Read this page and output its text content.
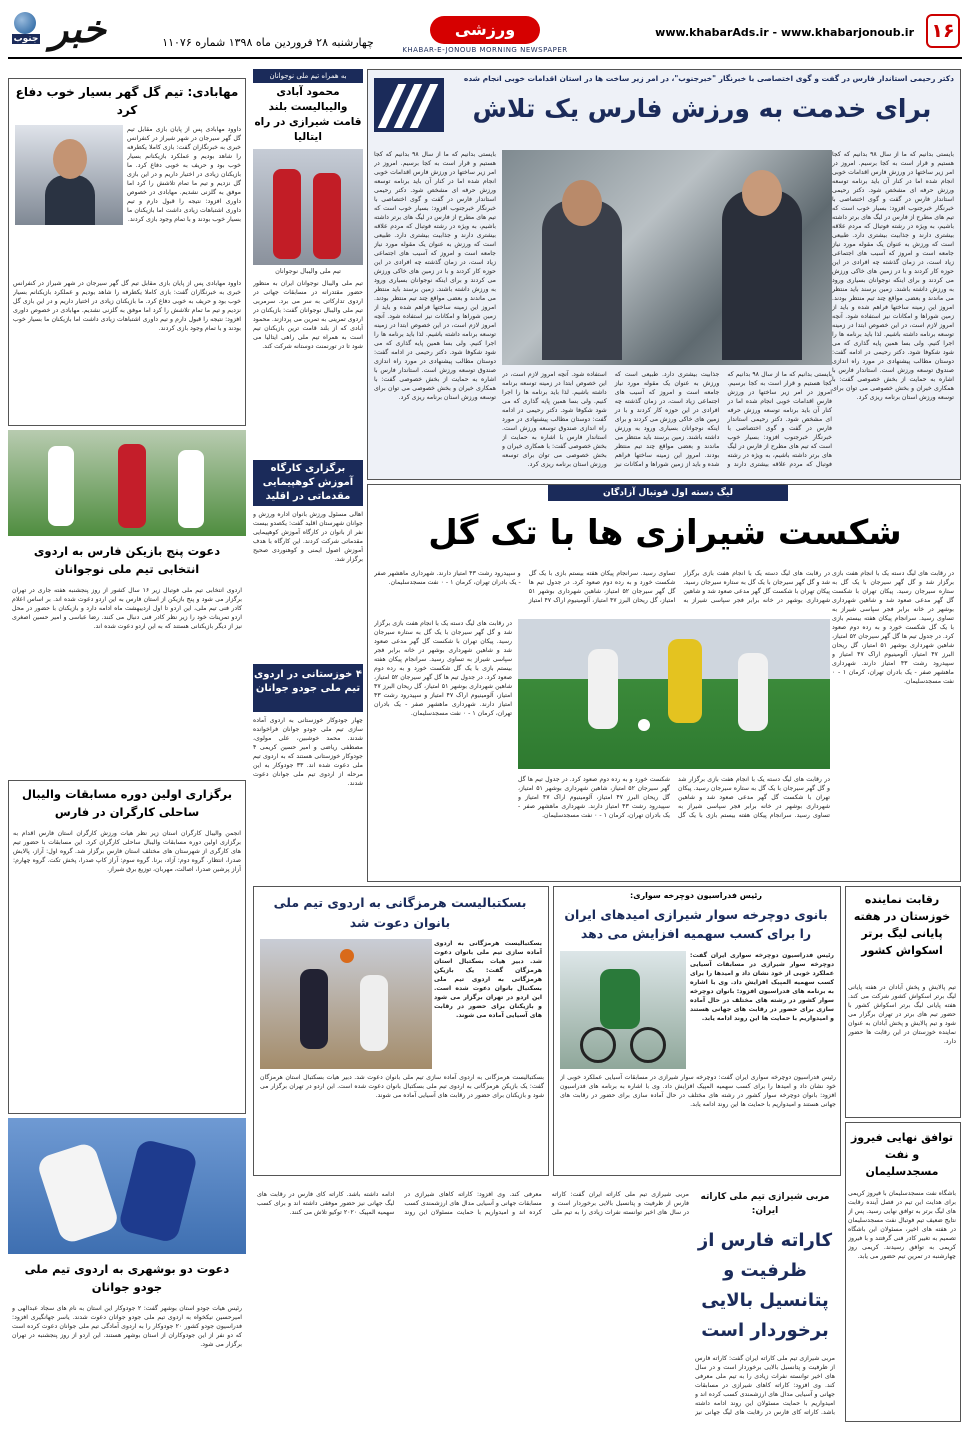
۱۶
www.khabarAds.ir - www.khabarjonoub.ir
ورزشی
KHABAR-E-JONOUB MORNING NEWSPAPER
چهارشنبه ۲۸ فروردین ماه ۱۳۹۸ شماره ۱۱۰۷۶
خبر
جنوب
دکتر رحیمی استاندار فارس در گفت و گوی اختصاصی با خبرنگار "خبرجنوب"، در امر زیر ساخت ها در استان اقدامات خوبی انجام شده
برای خدمت به ورزش فارس یک تلاش
بایستی بدانیم که ما از سال ۹۸ بدانیم که کجا هستیم و قرار است به کجا برسیم. امروز در امر زیر ساختها در ورزش فارس اقدامات خوبی انجام شده اما در کنار آن باید برنامه توسعه ورزش حرفه ای مشخص شود. دکتر رحیمی استاندار فارس در گفت و گوی اختصاصی با خبرنگار خبرجنوب افزود: بسیار خوب است که تیم های مطرح از فارس در لیگ های برتر داشته باشیم، به ویژه در رشته فوتبال که مردم علاقه بیشتری دارند و جذابیت بیشتری دارد. طبیعی است که ورزش به عنوان یک مقوله مورد نیاز جامعه است و امروز که آسیب های اجتماعی زیاد است، در زمان گذشته چه افرادی در این حوزه کار کردند و با در زمین های خاکی ورزش می کردند و برای اینکه نوجوانان بسیاری ورود به ورزش داشته باشند. زمین برسند باید منتظر می ماندند و بعضی مواقع چند تیم منتظر بودند. امروز این زمینه ساختها فراهم شده و باید از زمین شوراها و امکانات نیز استفاده شود. آنچه امروز لازم است، در این خصوص ابتدا در زمینه توسعه برنامه داشته باشیم. لذا باید برنامه ها را اجرا کنیم. ولی بسا همین پایه گذاری که می شود شکوفا شود. دکتر رحیمی در ادامه گفت: دوستان مطالب پیشنهادی در مورد راه اندازی صندوق توسعه ورزش است. استاندار فارس با اشاره به حمایت از بخش خصوصی گفت: با همکاری خیران و بخش خصوصی می توان برای توسعه ورزش استان برنامه ریزی کرد.
بایستی بدانیم که ما از سال ۹۸ بدانیم که کجا هستیم و قرار است به کجا برسیم. امروز در امر زیر ساختها در ورزش فارس اقدامات خوبی انجام شده اما در کنار آن باید برنامه توسعه ورزش حرفه ای مشخص شود. دکتر رحیمی استاندار فارس در گفت و گوی اختصاصی با خبرنگار خبرجنوب افزود: بسیار خوب است که تیم های مطرح از فارس در لیگ های برتر داشته باشیم، به ویژه در رشته فوتبال که مردم علاقه بیشتری دارند و جذابیت بیشتری دارد. طبیعی است که ورزش به عنوان یک مقوله مورد نیاز جامعه است و امروز که آسیب های اجتماعی زیاد است، در زمان گذشته چه افرادی در این حوزه کار کردند و با در زمین های خاکی ورزش می کردند و برای اینکه نوجوانان بسیاری ورود به ورزش داشته باشند. زمین برسند باید منتظر می ماندند و بعضی مواقع چند تیم منتظر بودند. امروز این زمینه ساختها فراهم شده و باید از زمین شوراها و امکانات نیز استفاده شود. آنچه امروز لازم است، در این خصوص ابتدا در زمینه توسعه برنامه داشته باشیم. لذا باید برنامه ها را اجرا کنیم. ولی بسا همین پایه گذاری که می شود شکوفا شود. دکتر رحیمی در ادامه گفت: دوستان مطالب پیشنهادی در مورد راه اندازی صندوق توسعه ورزش است. استاندار فارس با اشاره به حمایت از بخش خصوصی گفت: با همکاری خیران و بخش خصوصی می توان برای توسعه ورزش استان برنامه ریزی کرد.
بایستی بدانیم که ما از سال ۹۸ بدانیم که کجا هستیم و قرار است به کجا برسیم. امروز در امر زیر ساختها در ورزش فارس اقدامات خوبی انجام شده اما در کنار آن باید برنامه توسعه ورزش حرفه ای مشخص شود. دکتر رحیمی استاندار فارس در گفت و گوی اختصاصی با خبرنگار خبرجنوب افزود: بسیار خوب است که تیم های مطرح از فارس در لیگ های برتر داشته باشیم، به ویژه در رشته فوتبال که مردم علاقه بیشتری دارند و جذابیت بیشتری دارد. طبیعی است که ورزش به عنوان یک مقوله مورد نیاز جامعه است و امروز که آسیب های اجتماعی زیاد است، در زمان گذشته چه افرادی در این حوزه کار کردند و با در زمین های خاکی ورزش می کردند و برای اینکه نوجوانان بسیاری ورود به ورزش داشته باشند. زمین برسند باید منتظر می ماندند و بعضی مواقع چند تیم منتظر بودند. امروز این زمینه ساختها فراهم شده و باید از زمین شوراها و امکانات نیز استفاده شود. آنچه امروز لازم است، در این خصوص ابتدا در زمینه توسعه برنامه داشته باشیم. لذا باید برنامه ها را اجرا کنیم. ولی بسا همین پایه گذاری که می شود شکوفا شود. دکتر رحیمی در ادامه گفت: دوستان مطالب پیشنهادی در مورد راه اندازی صندوق توسعه ورزش است. استاندار فارس با اشاره به حمایت از بخش خصوصی گفت: با همکاری خیران و بخش خصوصی می توان برای توسعه ورزش استان برنامه ریزی کرد.
لیگ دسته اول فوتبال آزادگان
شکست شیرازی ها با تک گل
در رقابت های لیگ دسته یک با انجام هفت بازی برگزار شد و گل گهر سیرجان با یک گل به ستاره سیرجان رسید. پیکان تهران با شکست گل گهر مدعی صعود شد و شاهین شهرداری بوشهر در خانه برابر فجر سپاسی شیراز به تساوی رسید. سرانجام پیکان هفته بیستم بازی با یک گل شکست خورد و به رده دوم صعود کرد. در جدول تیم ها گل گهر سیرجان ۵۲ امتیاز، شاهین شهرداری بوشهر ۵۱ امتیاز، گل ریحان البرز ۴۷ امتیاز، آلومینیوم اراک ۴۷ امتیاز و سپیدرود رشت ۴۳ امتیاز دارند. شهرداری ماهشهر صفر - یک بادران تهران، کرمان ۱ - ۰ نفت مسجدسلیمان.
در رقابت های لیگ دسته یک با انجام هفت بازی برگزار شد و گل گهر سیرجان با یک گل به ستاره سیرجان رسید. پیکان تهران با شکست گل گهر مدعی صعود شد و شاهین شهرداری بوشهر در خانه برابر فجر سپاسی شیراز به تساوی رسید. سرانجام پیکان هفته بیستم بازی با یک گل شکست خورد و به رده دوم صعود کرد. در جدول تیم ها گل گهر سیرجان ۵۲ امتیاز، شاهین شهرداری بوشهر ۵۱ امتیاز، گل ریحان البرز ۴۷ امتیاز، آلومینیوم اراک ۴۷ امتیاز و سپیدرود رشت ۴۳ امتیاز دارند. شهرداری ماهشهر صفر - یک بادران تهران، کرمان ۱ - ۰ نفت مسجدسلیمان.
در رقابت های لیگ دسته یک با انجام هفت بازی برگزار شد و گل گهر سیرجان با یک گل به ستاره سیرجان رسید. پیکان تهران با شکست گل گهر مدعی صعود شد و شاهین شهرداری بوشهر در خانه برابر فجر سپاسی شیراز به تساوی رسید. سرانجام پیکان هفته بیستم بازی با یک گل شکست خورد و به رده دوم صعود کرد. در جدول تیم ها گل گهر سیرجان ۵۲ امتیاز، شاهین شهرداری بوشهر ۵۱ امتیاز، گل ریحان البرز ۴۷ امتیاز، آلومینیوم اراک ۴۷ امتیاز و سپیدرود رشت ۴۳ امتیاز دارند. شهرداری ماهشهر صفر - یک بادران تهران، کرمان ۱ - ۰ نفت مسجدسلیمان.
در رقابت های لیگ دسته یک با انجام هفت بازی برگزار شد و گل گهر سیرجان با یک گل به ستاره سیرجان رسید. پیکان تهران با شکست گل گهر مدعی صعود شد و شاهین شهرداری بوشهر در خانه برابر فجر سپاسی شیراز به تساوی رسید. سرانجام پیکان هفته بیستم بازی با یک گل شکست خورد و به رده دوم صعود کرد. در جدول تیم ها گل گهر سیرجان ۵۲ امتیاز، شاهین شهرداری بوشهر ۵۱ امتیاز، گل ریحان البرز ۴۷ امتیاز، آلومینیوم اراک ۴۷ امتیاز و سپیدرود رشت ۴۳ امتیاز دارند. شهرداری ماهشهر صفر - یک بادران تهران، کرمان ۱ - ۰ نفت مسجدسلیمان.
رئیس فدراسیون دوچرخه سواری:
بانوی دوچرخه سوار شیرازی امیدهای ایران را برای کسب سهمیه افزایش می دهد
رئیس فدراسیون دوچرخه سواری ایران گفت: دوچرخه سوار شیرازی در مسابقات آسیایی عملکرد خوبی از خود نشان داد و امیدها را برای کسب سهمیه المپیک افزایش داد. وی با اشاره به برنامه های فدراسیون افزود: بانوان دوچرخه سوار کشور در رشته های مختلف در حال آماده سازی برای حضور در رقابت های جهانی هستند و امیدواریم با حمایت ها این روند ادامه یابد.
رئیس فدراسیون دوچرخه سواری ایران گفت: دوچرخه سوار شیرازی در مسابقات آسیایی عملکرد خوبی از خود نشان داد و امیدها را برای کسب سهمیه المپیک افزایش داد. وی با اشاره به برنامه های فدراسیون افزود: بانوان دوچرخه سوار کشور در رشته های مختلف در حال آماده سازی برای حضور در رقابت های جهانی هستند و امیدواریم با حمایت ها این روند ادامه یابد.
بسکتبالیست هرمزگانی به اردوی تیم ملی بانوان دعوت شد
بسکتبالیست هرمزگانی به اردوی آماده سازی تیم ملی بانوان دعوت شد. دبیر هیات بسکتبال استان هرمزگان گفت: یک بازیکن هرمزگانی به اردوی تیم ملی بسکتبال بانوان دعوت شده است. این اردو در تهران برگزار می شود و بازیکنان برای حضور در رقابت های آسیایی آماده می شوند.
بسکتبالیست هرمزگانی به اردوی آماده سازی تیم ملی بانوان دعوت شد. دبیر هیات بسکتبال استان هرمزگان گفت: یک بازیکن هرمزگانی به اردوی تیم ملی بسکتبال بانوان دعوت شده است. این اردو در تهران برگزار می شود و بازیکنان برای حضور در رقابت های آسیایی آماده می شوند.
مربی شیرازی تیم ملی کاراته ایران:
کاراته فارس از ظرفیت و پتانسیل بالایی برخوردار است
مربی شیرازی تیم ملی کاراته ایران گفت: کاراته فارس از ظرفیت و پتانسیل بالایی برخوردار است و در سال های اخیر توانسته نفرات زیادی را به تیم ملی معرفی کند. وی افزود: کاراته کاهای شیرازی در مسابقات جهانی و آسیایی مدال های ارزشمندی کسب کرده اند و امیدواریم با حمایت مسئولان این روند ادامه داشته باشد. کاراته کای فارس در رقابت های لیگ جهانی نیز
مربی شیرازی تیم ملی کاراته ایران گفت: کاراته فارس از ظرفیت و پتانسیل بالایی برخوردار است و در سال های اخیر توانسته نفرات زیادی را به تیم ملی معرفی کند. وی افزود: کاراته کاهای شیرازی در مسابقات جهانی و آسیایی مدال های ارزشمندی کسب کرده اند و امیدواریم با حمایت مسئولان این روند ادامه داشته باشد. کاراته کای فارس در رقابت های لیگ جهانی نیز حضور موفقی داشته اند و برای کسب سهمیه المپیک ۲۰۲۰ توکیو تلاش می کنند.
رقابت نماینده خوزستان در هفته پایانی لیگ برتر اسکواش کشور
تیم پالایش و پخش آبادان در هفته پایانی لیگ برتر اسکواش کشور شرکت می کند. هفته پایانی لیگ برتر اسکواش کشور با حضور تیم های برتر در تهران برگزار می شود و تیم پالایش و پخش آبادان به عنوان نماینده خوزستان در این رقابت ها حضور دارد.
توافق نهایی فیروز و نفت مسجدسلیمان
باشگاه نفت مسجدسلیمان با فیروز کریمی برای هدایت این تیم در فصل آینده رقابت های لیگ برتر به توافق نهایی رسید. پس از نتایج ضعیف تیم فوتبال نفت مسجدسلیمان در هفته های اخیر، مسئولان این باشگاه تصمیم به تغییر کادر فنی گرفتند و با فیروز کریمی به توافق رسیدند. کریمی روز چهارشنبه در تمرین تیم حضور می یابد.
به همراه تیم ملی نوجوانان
محمود آبادی والیبالیست بلند قامت شیرازی در راه ایتالیا
تیم ملی والیبال نوجوانان
تیم ملی والیبال نوجوانان ایران به منظور حضور مقتدرانه در مسابقات جهانی در اردوی تدارکاتی به سر می برد. سرمربی تیم ملی والیبال نوجوانان گفت: بازیکنان در اردوی تمرینی به تمرین می پردازند. محمود آبادی که از بلند قامت ترین بازیکنان تیم است به همراه تیم ملی راهی ایتالیا می شود تا در تورنمنت دوستانه شرکت کند.
برگزاری کارگاه آموزش کوهپیمایی مقدماتی در اقلید
اهالی مسئول ورزش بانوان اداره ورزش و جوانان شهرستان اقلید گفت: یکصدو بیست نفر از بانوان در کارگاه آموزش کوهپیمایی مقدماتی شرکت کردند. این کارگاه با هدف آموزش اصول ایمنی و کوهنوردی صحیح برگزار شد.
۴ خوزستانی در اردوی تیم ملی جودو جوانان
چهار جودوکار خوزستانی به اردوی آماده سازی تیم ملی جودو جوانان فراخوانده شدند. محمد خوشبین، علی مولوی، مصطفی ریاضی و امیر حسین کریمی ۴ جودوکار خوزستانی هستند که به اردوی تیم ملی دعوت شده اند. ۳۳ جودوکار به این مرحله از اردوی تیم ملی جوانان دعوت شدند.
مهابادی: تیم گل گهر بسیار خوب دفاع کرد
داوود مهابادی پس از پایان بازی مقابل تیم گل گهر سیرجان در شهر شیراز در کنفرانس خبری به خبرنگاران گفت: بازی کاملا یکطرفه را شاهد بودیم و عملکرد بازیکنانم بسیار خوب بود و حریف به خوبی دفاع کرد. ما بازیکنان زیادی در اختیار داریم و در این بازی گل نزدیم و تیم ما تمام تلاشش را کرد اما موفق به گلزنی نشدیم. مهابادی در خصوص داوری افزود: نتیجه را قبول دارم و تیم داوری اشتباهات زیادی داشت اما بازیکنان ما بسیار خوب بودند و با تمام وجود بازی کردند.
داوود مهابادی پس از پایان بازی مقابل تیم گل گهر سیرجان در شهر شیراز در کنفرانس خبری به خبرنگاران گفت: بازی کاملا یکطرفه را شاهد بودیم و عملکرد بازیکنانم بسیار خوب بود و حریف به خوبی دفاع کرد. ما بازیکنان زیادی در اختیار داریم و در این بازی گل نزدیم و تیم ما تمام تلاشش را کرد اما موفق به گلزنی نشدیم. مهابادی در خصوص داوری افزود: نتیجه را قبول دارم و تیم داوری اشتباهات زیادی داشت اما بازیکنان ما بسیار خوب بودند و با تمام وجود بازی کردند.
دعوت پنج بازیکن فارس به اردوی انتخابی تیم ملی نوجوانان
اردوی انتخابی تیم ملی فوتبال زیر ۱۶ سال کشور از روز پنجشنبه هفته جاری در تهران برگزار می شود و پنج بازیکن از استان فارس به این اردو دعوت شده اند. بر اساس اعلام کادر فنی تیم ملی، این اردو تا اول اردیبهشت ماه ادامه دارد و بازیکنان با حضور در محل اردو تمرینات خود را زیر نظر کادر فنی دنبال می کنند. رضا عباسی و امیر حسین اصغری نیز از دیگر بازیکنانی هستند که به این اردو دعوت شده اند.
برگزاری اولین دوره مسابقات والیبال ساحلی کارگران در فارس
انجمن والیبال کارگران استان زیر نظر هیات ورزش کارگران استان فارس اقدام به برگزاری اولین دوره مسابقات والیبال ساحلی کارگران کرد. این مسابقات با حضور تیم های کارگری از شهرستان های مختلف استان فارس برگزار شد. گروه اول: آراز، پالایش صدرا، انتظار. گروه دوم: آزاد، برنا. گروه سوم: آراز کاپ صدرا، پخش تکت. گروه چهارم: آراز پرشین صدرا، اصالت، مهربان، توزیع برق شیراز.
دعوت دو بوشهری به اردوی تیم ملی جودو جوانان
رئیس هیات جودو استان بوشهر گفت: ۲ جودوکار این استان به نام های سجاد عبدالهی و امیرحسین نیکخواه به اردوی تیم ملی جودو جوانان دعوت شدند. یاسر جهانگیری افزود: فدراسیون جودو کشور ۲۰ جودوکار را به اردوی آمادگی تیم ملی جوانان دعوت کرده است که دو نفر از این جودوکاران از استان بوشهر هستند. این اردو از روز پنجشنبه در تهران برگزار می شود.
